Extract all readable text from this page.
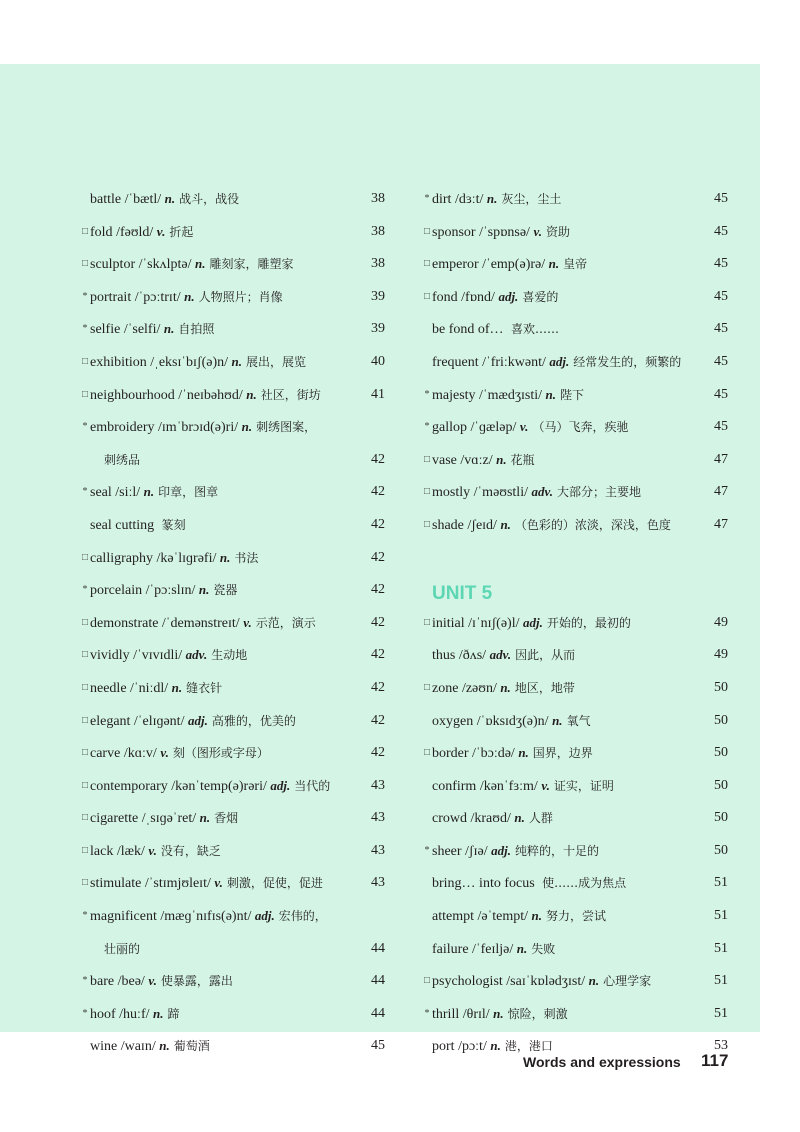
battle /ˈbætl/ n. 战斗，战役	38
□ fold /fəʊld/ v. 折起	38
□ sculptor /ˈskʌlptə/ n. 雕刻家，雕塑家	38
* portrait /ˈpɔːtrɪt/ n. 人物照片；肖像	39
* selfie /ˈselfi/ n. 自拍照	39
□ exhibition /ˌeksɪˈbɪʃ(ə)n/ n. 展出，展览	40
□ neighbourhood /ˈneɪbəhʊd/ n. 社区，街坊	41
* embroidery /ɪmˈbrɔɪd(ə)ri/ n. 刺绣图案，
刺绣品	42
* seal /siːl/ n. 印章，图章	42
seal cutting 篆刻	42
□ calligraphy /kəˈlɪɡrəfi/ n. 书法	42
* porcelain /ˈpɔːslɪn/ n. 瓷器	42
□ demonstrate /ˈdemənstreɪt/ v. 示范，演示	42
□ vividly /ˈvɪvɪdli/ adv. 生动地	42
□ needle /ˈniːdl/ n. 缝衣针	42
□ elegant /ˈelɪɡənt/ adj. 高雅的，优美的	42
□ carve /kɑːv/ v. 刻（图形或字母）	42
□ contemporary /kənˈtemp(ə)rəri/ adj. 当代的	43
□ cigarette /ˌsɪɡəˈret/ n. 香烟	43
□ lack /læk/ v. 没有，缺乏	43
□ stimulate /ˈstɪmjʊleɪt/ v. 刺激，促使，促进	43
* magnificent /mæɡˈnɪfɪs(ə)nt/ adj. 宏伟的，
壮丽的	44
* bare /beə/ v. 使暴露，露出	44
* hoof /huːf/ n. 蹄	44
wine /waɪn/ n. 葡萄酒	45
* dirt /dɜːt/ n. 灰尘，尘土	45
□ sponsor /ˈspɒnsə/ v. 资助	45
□ emperor /ˈemp(ə)rə/ n. 皇帝	45
□ fond /fɒnd/ adj. 喜爱的	45
be fond of… 喜欢……	45
frequent /ˈfriːkwənt/ adj. 经常发生的，频繁的 45
* majesty /ˈmædʒɪsti/ n. 陛下	45
* gallop /ˈɡæləp/ v. （马）飞奔，疾驰	45
□ vase /vɑːz/ n. 花瓶	47
□ mostly /ˈməʊstli/ adv. 大部分；主要地	47
□ shade /ʃeɪd/ n. （色彩的）浓淡，深浅，色度	47
UNIT 5
□ initial /ɪˈnɪʃ(ə)l/ adj. 开始的，最初的	49
thus /ðʌs/ adv. 因此，从而	49
□ zone /zəʊn/ n. 地区，地带	50
oxygen /ˈɒksɪdʒ(ə)n/ n. 氧气	50
□ border /ˈbɔːdə/ n. 国界，边界	50
confirm /kənˈfɜːm/ v. 证实，证明	50
crowd /kraʊd/ n. 人群	50
* sheer /ʃɪə/ adj. 纯粹的，十足的	50
bring… into focus 使……成为焦点	51
attempt /əˈtempt/ n. 努力，尝试	51
failure /ˈfeɪljə/ n. 失败	51
□ psychologist /saɪˈkɒlədʒɪst/ n. 心理学家	51
* thrill /θrɪl/ n. 惊险，刺激	51
port /pɔːt/ n. 港，港口	53
Words and expressions 117
